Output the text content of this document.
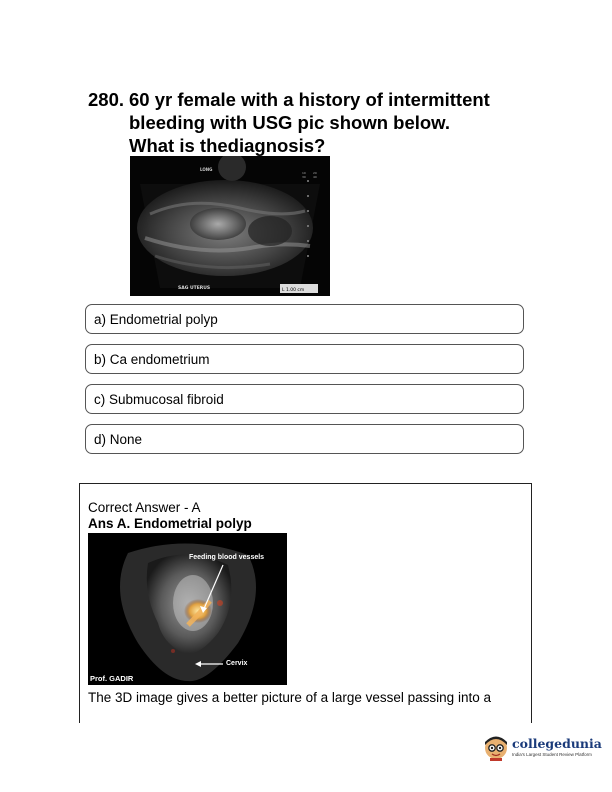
280. 60 yr female with a history of intermittent
bleeding with USG pic shown below.
What is thediagnosis?
10 20
30 40
LONG
SAG UTERUS	L 1.00 cm
a) Endometrial polyp
b) Ca endometrium
c) Submucosal fibroid
d) None
Correct Answer - A
Ans A. Endometrial polyp
Feeding blood vessels
Cervix
Prof. GADIR
The 3D image gives a better picture of a large vessel passing into a
collegedunia
India's Largest Student Review Platform
